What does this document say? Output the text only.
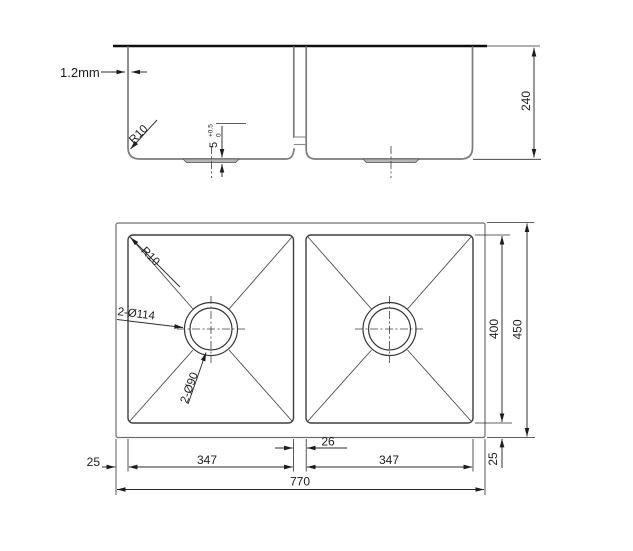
1.2mm
R10	5
+0.5 0
240
R10
2-Ø114
2-Ø90
26
347	347
25
770
400 450
25
